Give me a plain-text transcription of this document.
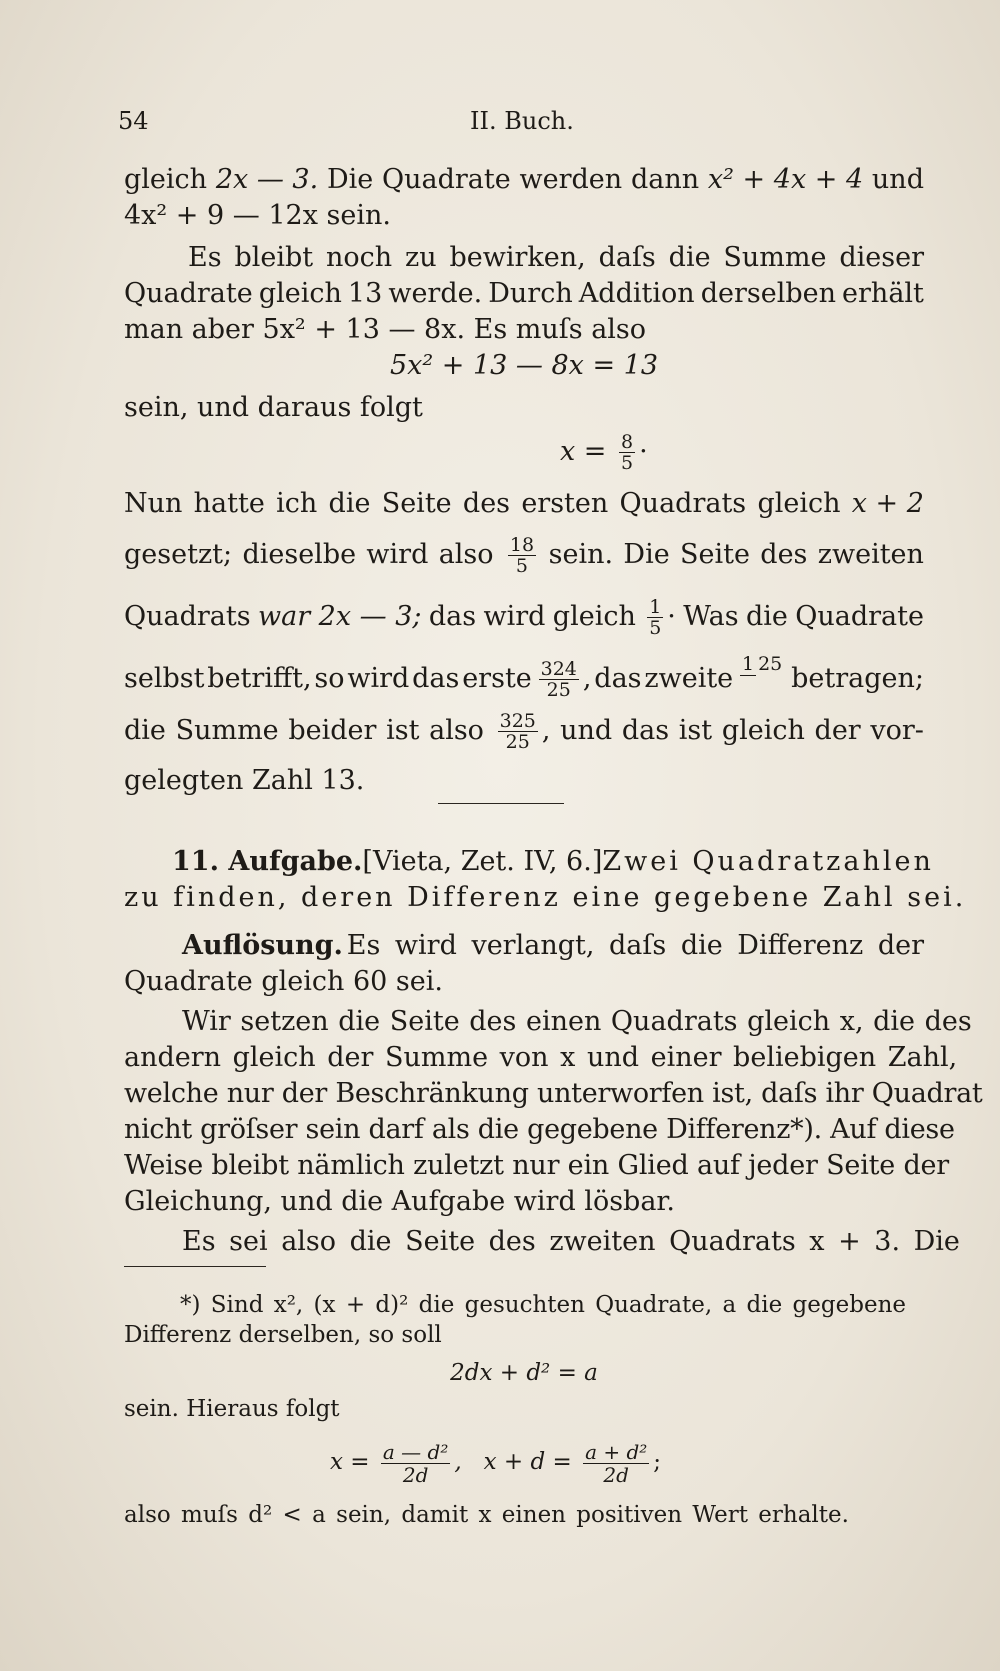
54	II. Buch.
gleich 2x — 3. Die Quadrate werden dann x² + 4x + 4 und
4x² + 9 — 12x sein.
Es bleibt noch zu bewirken, daſs die Summe dieser
Quadrate gleich 13 werde. Durch Addition derselben erhält
man aber 5x² + 13 — 8x. Es muſs also
5x² + 13 — 8x = 13
sein, und daraus folgt
$x = \frac{8}{5}$ ·
Nun hatte ich die Seite des ersten Quadrats gleich x + 2
gesetzt; dieselbe wird also $\frac{18}{5}$ sein. Die Seite des zweiten
Quadrats war 2x — 3; das wird gleich $\frac{1}{5}$ · Was die Quadrate
selbst betrifft, so wird das erste $\frac{324}{25}$ , das zweite 1 25 betragen;
die Summe beider ist also $\frac{325}{25}$ , und das ist gleich der vor-
gelegten Zahl 13.
11. Aufgabe. [Vieta, Zet. IV, 6.] Zwei Quadratzahlen
zu finden, deren Differenz eine gegebene Zahl sei.
Auflösung. Es wird verlangt, daſs die Differenz der
Quadrate gleich 60 sei.
Wir setzen die Seite des einen Quadrats gleich x, die des
andern gleich der Summe von x und einer beliebigen Zahl,
welche nur der Beschränkung unterworfen ist, daſs ihr Quadrat
nicht gröſser sein darf als die gegebene Differenz*). Auf diese
Weise bleibt nämlich zuletzt nur ein Glied auf jeder Seite der
Gleichung, und die Aufgabe wird lösbar.
Es sei also die Seite des zweiten Quadrats x + 3. Die
*) Sind x², (x + d)² die gesuchten Quadrate, a die gegebene
Differenz derselben, so soll
2dx + d² = a
sein. Hieraus folgt
$x = \frac{\text{a — d²}}{2d}$ ,   $x + d = \frac{\text{a + d²}}{2d}$ ;
also muſs d² < a sein, damit x einen positiven Wert erhalte.
